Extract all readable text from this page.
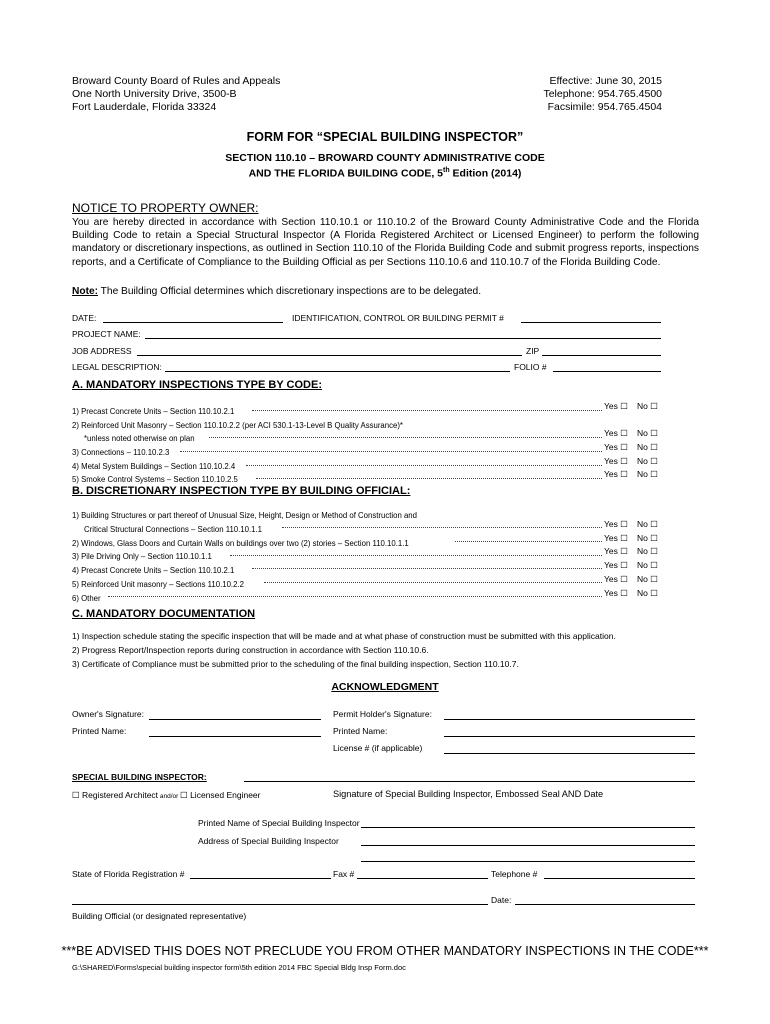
Broward County Board of Rules and Appeals
One North University Drive, 3500-B
Fort Lauderdale, Florida 33324
Effective: June 30, 2015
Telephone: 954.765.4500
Facsimile: 954.765.4504
FORM FOR “SPECIAL BUILDING INSPECTOR”
SECTION 110.10 – BROWARD COUNTY ADMINISTRATIVE CODE
AND THE FLORIDA BUILDING CODE, 5th Edition (2014)
NOTICE TO PROPERTY OWNER:
You are hereby directed in accordance with Section 110.10.1 or 110.10.2 of the Broward County Administrative Code and the Florida Building Code to retain a Special Structural Inspector (A Florida Registered Architect or Licensed Engineer) to perform the following mandatory or discretionary inspections, as outlined in Section 110.10 of the Florida Building Code and submit progress reports, inspections reports, and a Certificate of Compliance to the Building Official as per Sections 110.10.6 and 110.10.7 of the Florida Building Code.
Note: The Building Official determines which discretionary inspections are to be delegated.
DATE:	IDENTIFICATION, CONTROL OR BUILDING PERMIT #
PROJECT NAME:
JOB ADDRESS	ZIP
LEGAL DESCRIPTION:	FOLIO #
A. MANDATORY INSPECTIONS TYPE BY CODE:
1) Precast Concrete Units – Section 110.10.2.1
Yes ☐ No ☐
2) Reinforced Unit Masonry – Section 110.10.2.2 (per ACI 530.1-13-Level B Quality Assurance)*
*unless noted otherwise on plan
Yes ☐ No ☐
3) Connections – 110.10.2.3
Yes ☐ No ☐
4) Metal System Buildings – Section 110.10.2.4
Yes ☐ No ☐
5) Smoke Control Systems – Section 110.10.2.5
Yes ☐ No ☐
B. DISCRETIONARY INSPECTION TYPE BY BUILDING OFFICIAL:
1) Building Structures or part thereof of Unusual Size, Height, Design or Method of Construction and
Critical Structural Connections – Section 110.10.1.1
Yes ☐ No ☐
2) Windows, Glass Doors and Curtain Walls on buildings over two (2) stories – Section 110.10.1.1
Yes ☐ No ☐
3) Pile Driving Only – Section 110.10.1.1
Yes ☐ No ☐
4) Precast Concrete Units – Section 110.10.2.1
Yes ☐ No ☐
5) Reinforced Unit masonry – Sections 110.10.2.2
Yes ☐ No ☐
6) Other
Yes ☐ No ☐
C. MANDATORY DOCUMENTATION
1) Inspection schedule stating the specific inspection that will be made and at what phase of construction must be submitted with this application.
2) Progress Report/Inspection reports during construction in accordance with Section 110.10.6.
3) Certificate of Compliance must be submitted prior to the scheduling of the final building inspection, Section 110.10.7.
ACKNOWLEDGMENT
Owner's Signature:	Permit Holder's Signature:
Printed Name:	Printed Name:
License # (if applicable)
SPECIAL BUILDING INSPECTOR:
☐ Registered Architect and/or ☐ Licensed Engineer	Signature of Special Building Inspector, Embossed Seal AND Date
Printed Name of Special Building Inspector
Address of Special Building Inspector
State of Florida Registration #	Fax #	Telephone #
Date:
Building Official (or designated representative)
***BE ADVISED THIS DOES NOT PRECLUDE YOU FROM OTHER MANDATORY INSPECTIONS IN THE CODE***
G:\SHARED\Forms\special building inspector form\5th edition 2014 FBC Special Bldg Insp Form.doc
